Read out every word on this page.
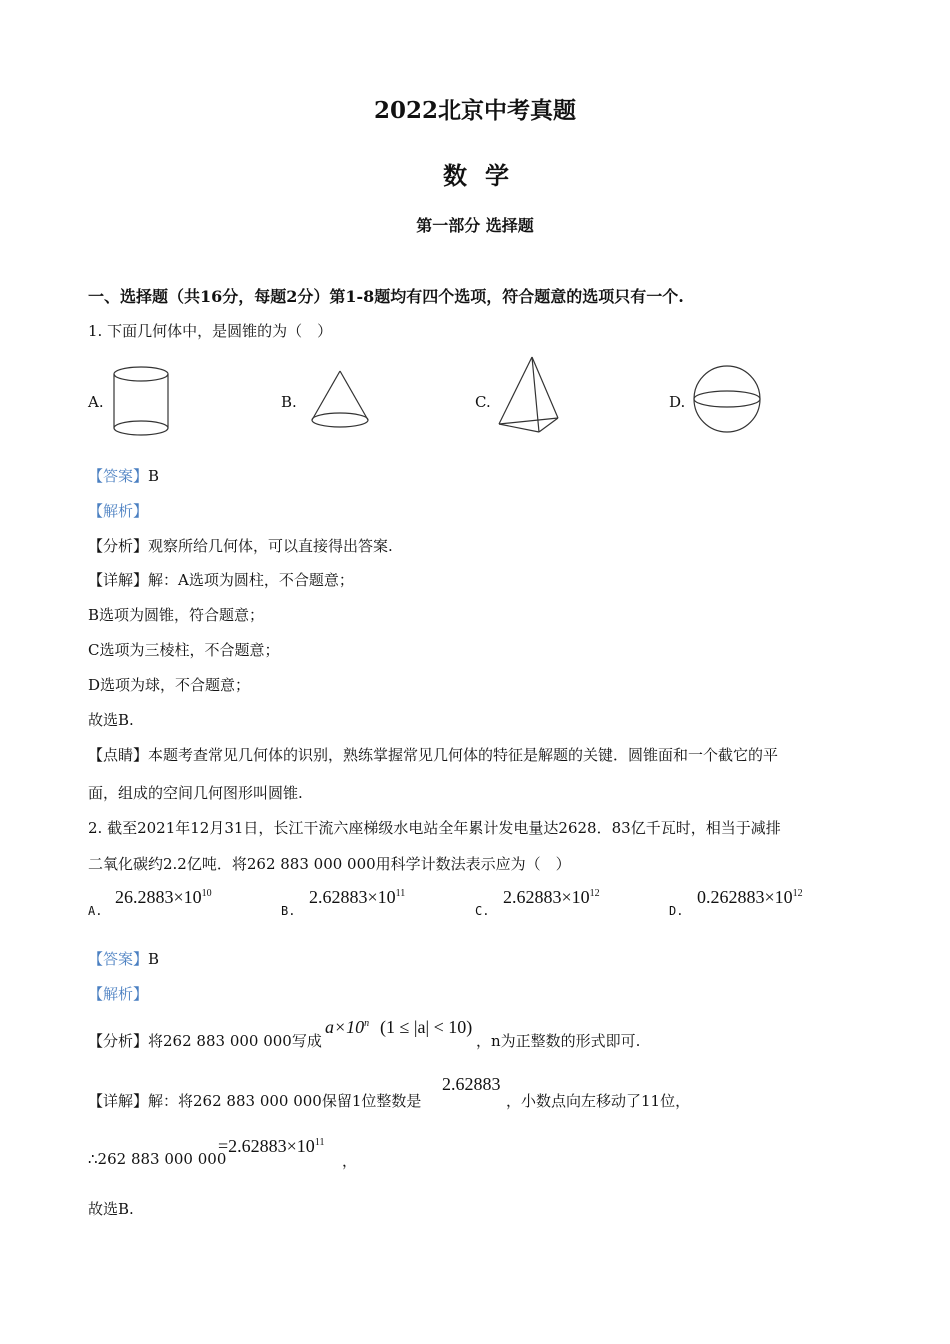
2022北京中考真题
数学
第一部分 选择题
一、选择题（共16分，每题2分）第1-8题均有四个选项，符合题意的选项只有一个.
1. 下面几何体中，是圆锥的为（　）
A.	B.	C.	D.
【答案】B
【解析】
【分析】观察所给几何体，可以直接得出答案.
【详解】解：A选项为圆柱，不合题意；
B选项为圆锥，符合题意；
C选项为三棱柱，不合题意；
D选项为球，不合题意；
故选B.
【点睛】本题考查常见几何体的识别，熟练掌握常见几何体的特征是解题的关键．圆锥面和一个截它的平
面，组成的空间几何图形叫圆锥.
2. 截至2021年12月31日，长江干流六座梯级水电站全年累计发电量达2628．83亿千瓦时，相当于减排
二氧化碳约2.2亿吨．将262 883 000 000用科学计数法表示应为（　）
A.
$26.2883\times 10^{10}$
B.
$2.62883\times 10^{11}$
C.
$2.62883\times 10^{12}$
D.
$0.262883\times 10^{12}$
【答案】B
【解析】
【分析】将262 883 000 000写成
$a\times 10^n$ (1 ≤ |a| < 10)
，n为正整数的形式即可.
【详解】解：将262 883 000 000保留1位整数是
2.62883
，小数点向左移动了11位，
∴262 883 000 000
$=2.62883\times 10^{11}$
，
故选B.
